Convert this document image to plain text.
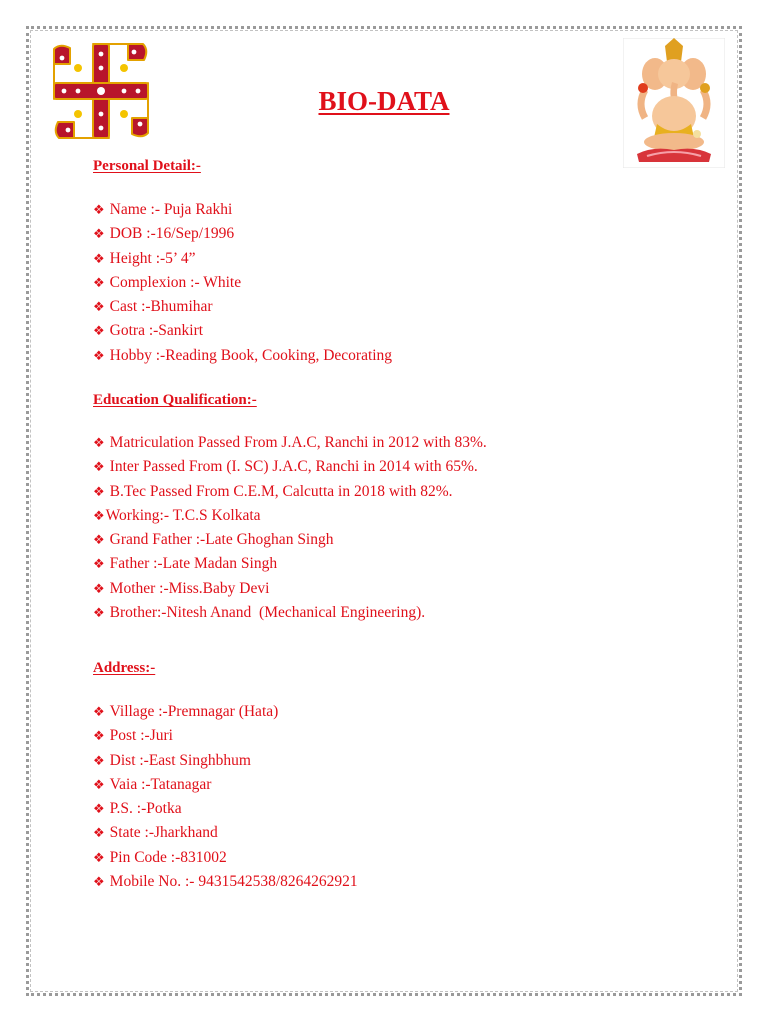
BIO-DATA
Personal Detail:-
❖ Name :- Puja Rakhi
❖ DOB :-16/Sep/1996
❖ Height :-5’ 4”
❖ Complexion :- White
❖ Cast :-Bhumihar
❖ Gotra :-Sankirt
❖ Hobby :-Reading Book, Cooking, Decorating
Education Qualification:-
❖ Matriculation Passed From J.A.C, Ranchi in 2012 with 83%.
❖ Inter Passed From (I. SC) J.A.C, Ranchi in 2014 with 65%.
❖ B.Tec Passed From C.E.M, Calcutta in 2018 with 82%.
❖Working:- T.C.S Kolkata
❖ Grand Father :-Late Ghoghan Singh
❖ Father :-Late Madan Singh
❖ Mother :-Miss.Baby Devi
❖ Brother:-Nitesh Anand  (Mechanical Engineering).
Address:-
❖ Village :-Premnagar (Hata)
❖ Post :-Juri
❖ Dist :-East Singhbhum
❖ Vaia :-Tatanagar
❖ P.S. :-Potka
❖ State :-Jharkhand
❖ Pin Code :-831002
❖ Mobile No. :- 9431542538/8264262921
